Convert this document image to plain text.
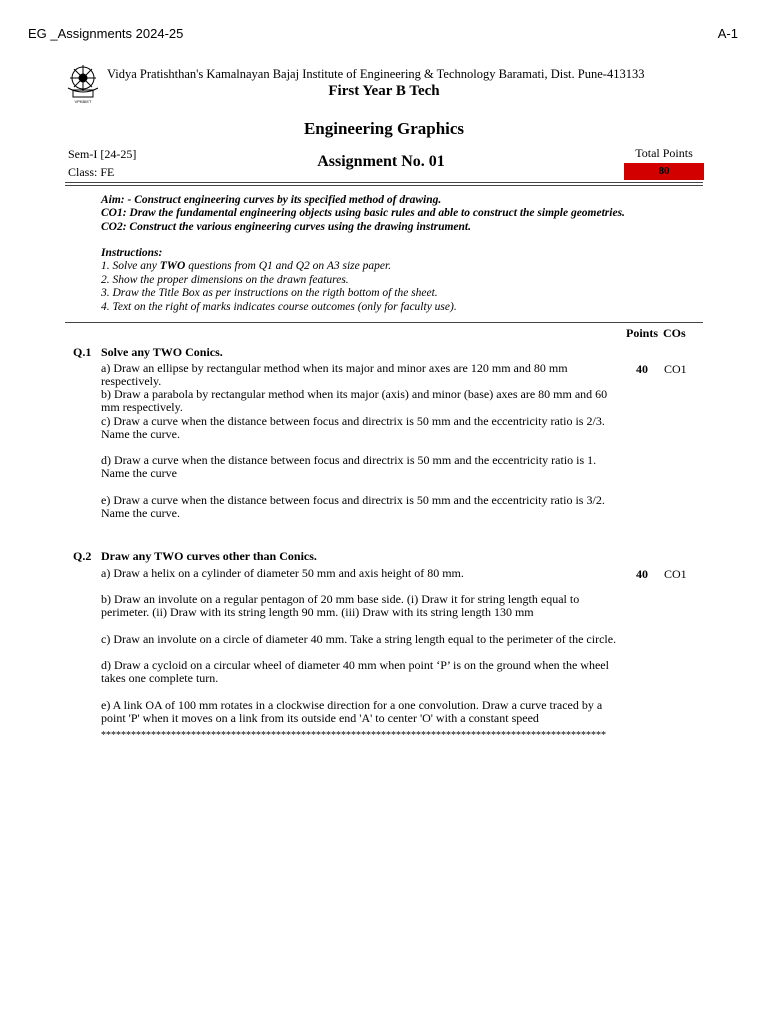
EG _Assignments 2024-25	A-1
VPKBIET
Vidya Pratishthan's Kamalnayan Bajaj Institute of Engineering & Technology Baramati, Dist. Pune-413133
First Year B Tech
Engineering Graphics
Sem-I [24-25]
Class: FE
Assignment No. 01	Total Points
80
Aim: - Construct engineering curves by its specified method of drawing.
CO1: Draw the fundamental engineering objects using basic rules and able to construct the simple geometries.
CO2: Construct the various engineering curves using the drawing instrument.
Instructions:
1. Solve any TWO questions from Q1 and Q2 on A3 size paper.
2. Show the proper dimensions on the drawn features.
3. Draw the Title Box as per instructions on the rigth bottom of the sheet.
4. Text on the right of marks indicates course outcomes (only for faculty use).
Points COs
Q.1 Solve any TWO Conics.
a) Draw an ellipse by rectangular method when its major and minor axes are 120 mm and 80 mm respectively.
40 CO1
b) Draw a parabola by rectangular method when its major (axis) and minor (base) axes are 80 mm and 60 mm respectively.
c) Draw a curve when the distance between focus and directrix is 50 mm and the eccentricity ratio is 2/3. Name the curve.
d) Draw a curve when the distance between focus and directrix is 50 mm and the eccentricity ratio is 1. Name the curve
e) Draw a curve when the distance between focus and directrix is 50 mm and the eccentricity ratio is 3/2. Name the curve.
Q.2 Draw any TWO curves other than Conics.
a) Draw a helix on a cylinder of diameter 50 mm and axis height of 80 mm.	40 CO1
b) Draw an involute on a regular pentagon of 20 mm base side. (i) Draw it for string length equal to perimeter. (ii) Draw with its string length 90 mm. (iii) Draw with its string length 130 mm
c) Draw an involute on a circle of diameter 40 mm. Take a string length equal to the perimeter of the circle.
d) Draw a cycloid on a circular wheel of diameter 40 mm when point ‘P’ is on the ground when the wheel takes one complete turn.
e) A link OA of 100 mm rotates in a clockwise direction for a one convolution. Draw a curve traced by a point 'P' when it moves on a link from its outside end 'A' to center 'O' with a constant speed
*****************************************************************************************************
